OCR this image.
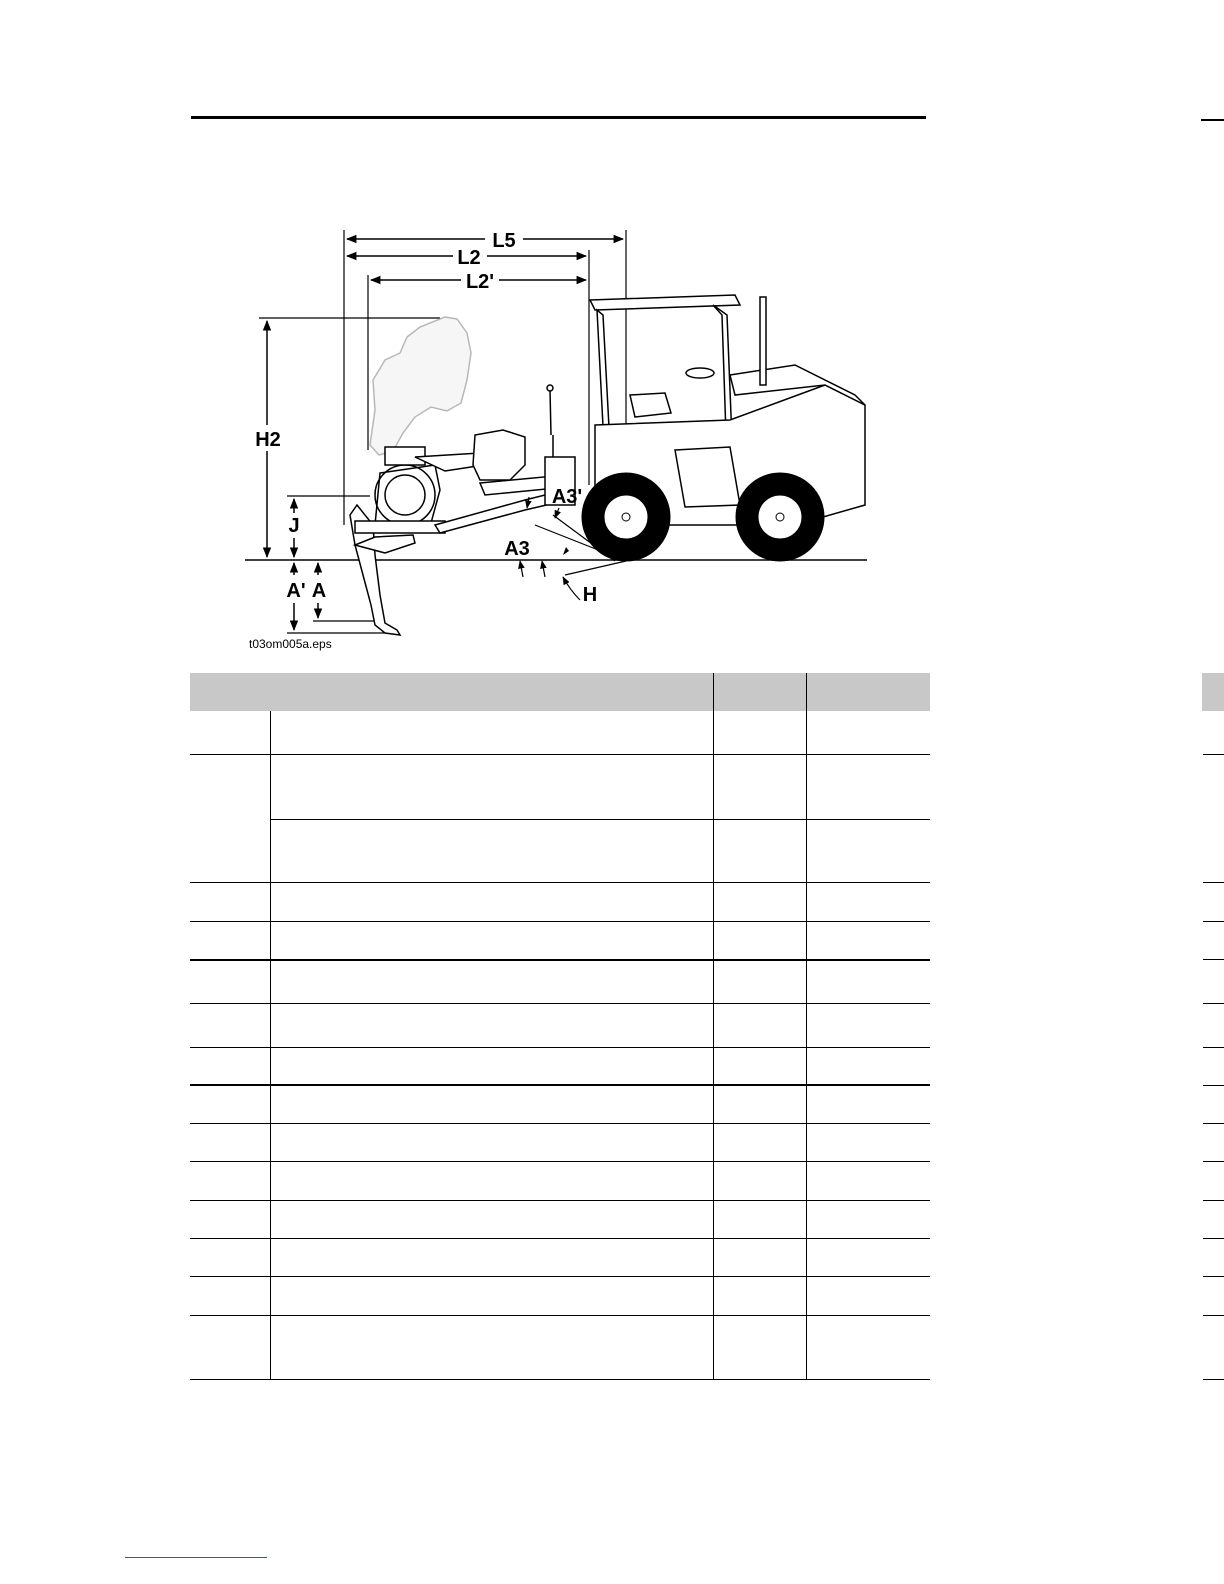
L5
L2
L2'
H2
J
A' A
A3'
A3
H
t03om005a.eps
